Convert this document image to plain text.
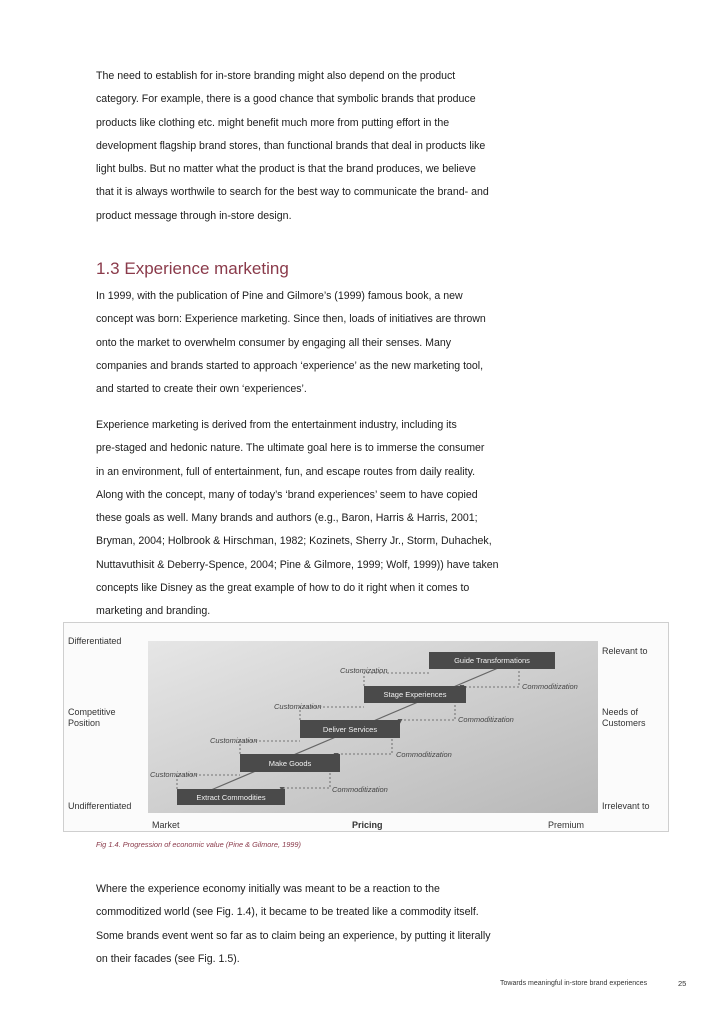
The need to establish for in-store branding might also depend on the product
category. For example, there is a good chance that symbolic brands that produce
products like clothing etc. might benefit much more from putting effort in the
development flagship brand stores, than functional brands that deal in products like
light bulbs. But no matter what the product is that the brand produces, we believe
that it is always worthwile to search for the best way to communicate the brand- and
product message through in-store design.
1.3 Experience marketing
In 1999, with the publication of Pine and Gilmore’s (1999) famous book, a new
concept was born: Experience marketing. Since then, loads of initiatives are thrown
onto the market to overwhelm consumer by engaging all their senses. Many
companies and brands started to approach ‘experience’ as the new marketing tool,
and started to create their own ‘experiences’.
Experience marketing is derived from the entertainment industry, including its
pre-staged and hedonic nature. The ultimate goal here is to immerse the consumer
in an environment, full of entertainment, fun, and escape routes from daily reality.
Along with the concept, many of today’s ‘brand experiences’ seem to have copied
these goals as well. Many brands and authors (e.g., Baron, Harris & Harris, 2001;
Bryman, 2004; Holbrook & Hirschman, 1982; Kozinets, Sherry Jr., Storm, Duhachek,
Nuttavuthisit & Deberry-Spence, 2004; Pine & Gilmore, 1999; Wolf, 1999)) have taken
concepts like Disney as the great example of how to do it right when it comes to
marketing and branding.
Differentiated
Competitive
Position
Undifferentiated
Relevant to
Needs of
Customers
Irrelevant to
Market	Pricing	Premium
Extract Commodities
Make Goods
Deliver Services
Stage Experiences
Guide Transformations
Customization
Customization
Customization
Customization
Commoditization
Commoditization
Commoditization
Commoditization

Fig 1.4. Progression of economic value (Pine & Gilmore, 1999)

Where the experience economy initially was meant to be a reaction to the
commoditized world (see Fig. 1.4), it became to be treated like a commodity itself.
Some brands event went so far as to claim being an experience, by putting it literally
on their facades (see Fig. 1.5).
Towards meaningful in-store brand experiences	25
